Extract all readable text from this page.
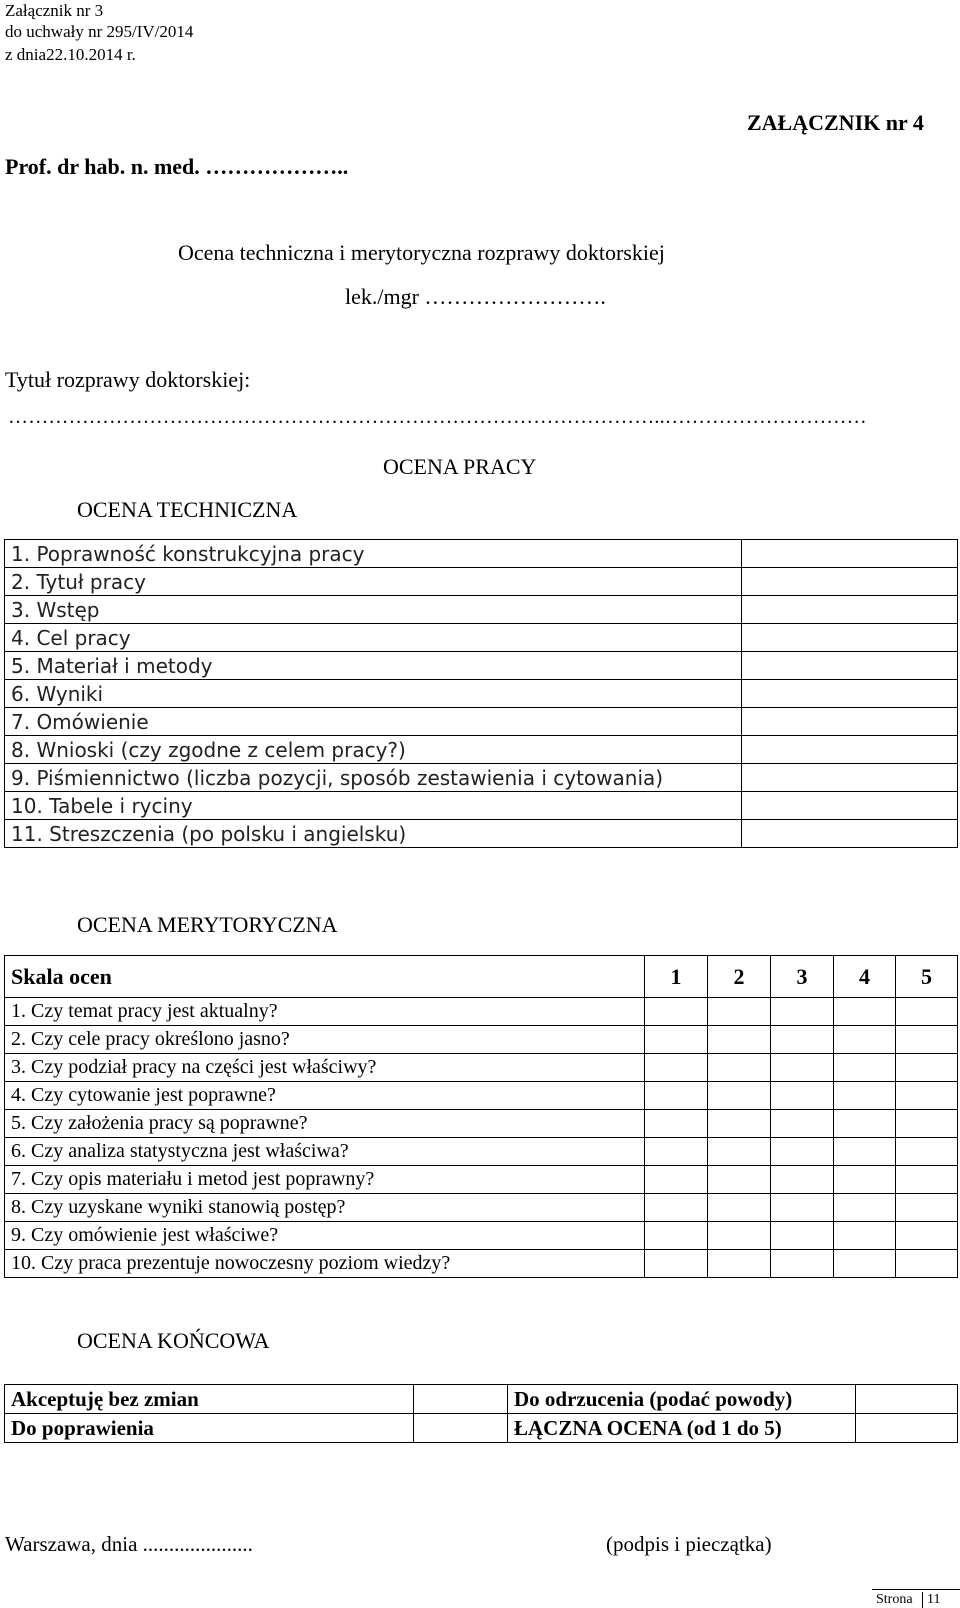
Załącznik nr 3
do uchwały nr 295/IV/2014
z dnia22.10.2014 r.
ZAŁĄCZNIK nr 4
Prof. dr hab. n. med. ………………..
Ocena techniczna i merytoryczna rozprawy doktorskiej
lek./mgr …………………….
Tytuł rozprawy doktorskiej:
……………………………………………………………………………………..…………………………
OCENA PRACY
OCENA TECHNICZNA
1. Poprawność konstrukcyjna pracy	
2. Tytuł pracy	
3. Wstęp	
4. Cel pracy	
5. Materiał i metody	
6. Wyniki	
7. Omówienie	
8. Wnioski (czy zgodne z celem pracy?)	
9. Piśmiennictwo (liczba pozycji, sposób zestawienia i cytowania)	
10. Tabele i ryciny	
11. Streszczenia (po polsku i angielsku)	
OCENA MERYTORYCZNA
Skala ocen	1	2	3	4	5
1. Czy temat pracy jest aktualny?					
2. Czy cele pracy określono jasno?					
3. Czy podział pracy na części jest właściwy?					
4. Czy cytowanie jest poprawne?					
5. Czy założenia pracy są poprawne?					
6. Czy analiza statystyczna jest właściwa?					
7. Czy opis materiału i metod jest poprawny?					
8. Czy uzyskane wyniki stanowią postęp?					
9. Czy omówienie jest właściwe?					
10. Czy praca prezentuje nowoczesny poziom wiedzy?					
OCENA KOŃCOWA
Akceptuję bez zmian		Do odrzucenia (podać powody)	
Do poprawienia		ŁĄCZNA OCENA (od 1 do 5)	
Warszawa, dnia .....................	(podpis i pieczątka)
Strona 11
